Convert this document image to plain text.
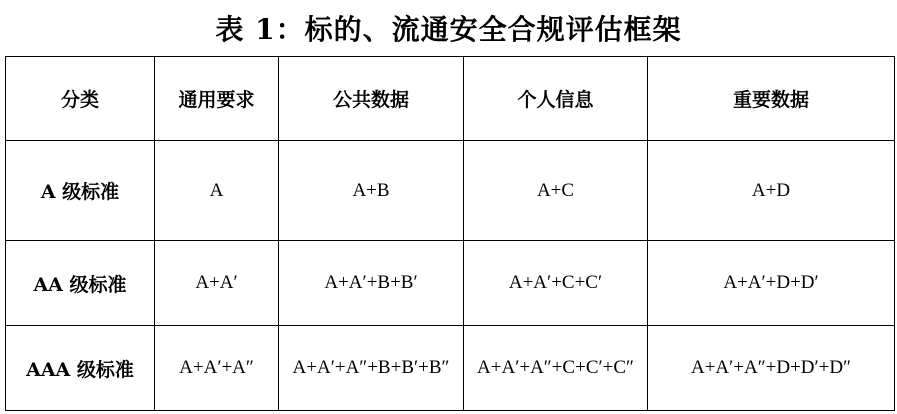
表 1：标的、流通安全合规评估框架
分类	通用要求	公共数据	个人信息	重要数据
A 级标准	A	A+B	A+C	A+D
AA 级标准	A+A′	A+A′+B+B′	A+A′+C+C′	A+A′+D+D′
AAA 级标准	A+A′+A″	A+A′+A″+B+B′+B″	A+A′+A″+C+C′+C″	A+A′+A″+D+D′+D″
